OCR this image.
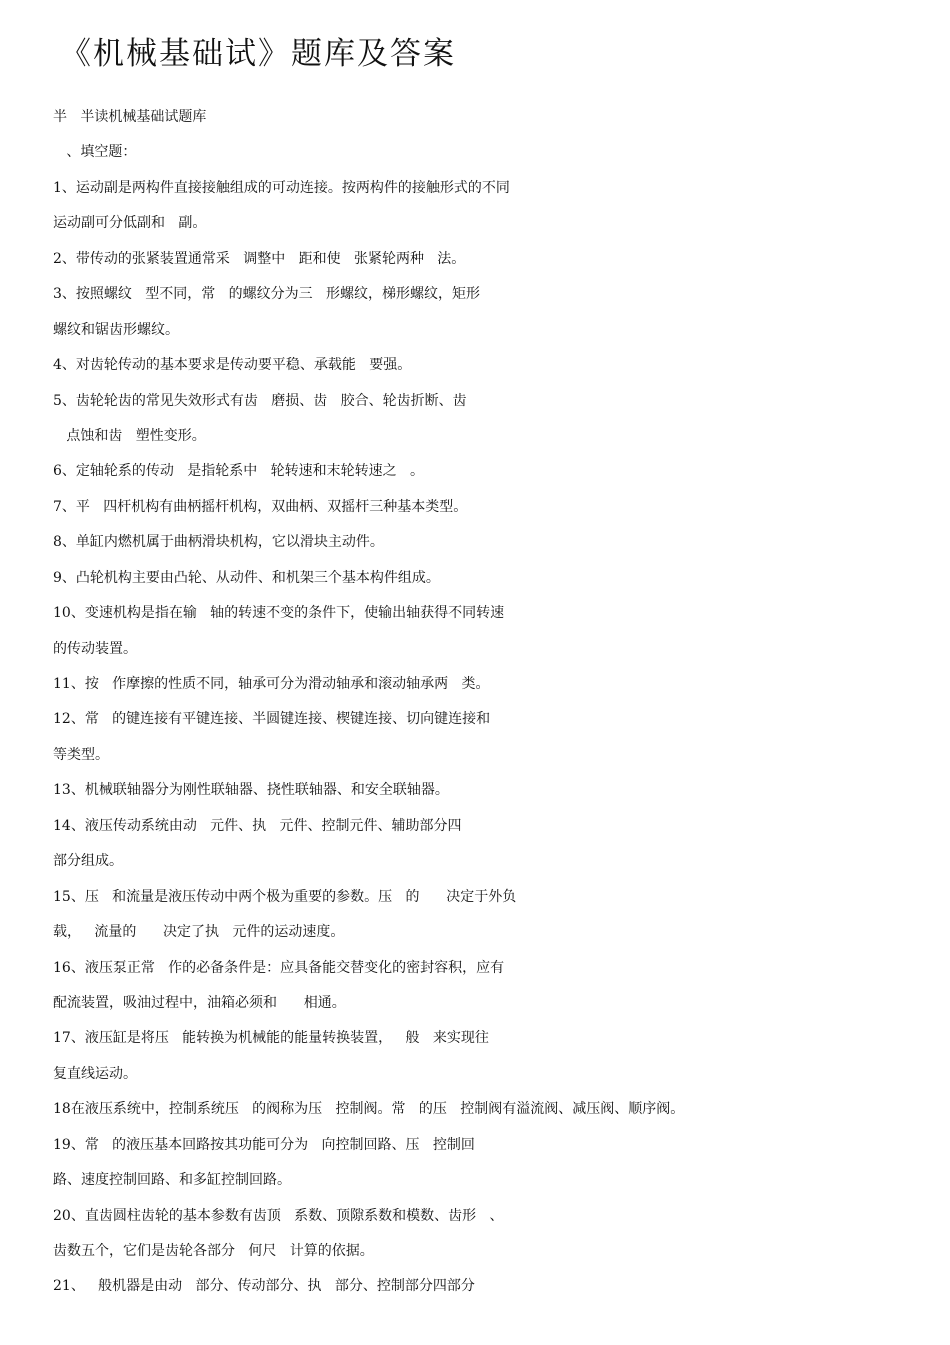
《机械基础试》题库及答案
半   半读机械基础试题库
、填空题：
1、运动副是两构件直接接触组成的可动连接。按两构件的接触形式的不同
运动副可分低副和   副。
2、带传动的张紧装置通常采   调整中   距和使   张紧轮两种   法。
3、按照螺纹   型不同，常   的螺纹分为三   形螺纹，梯形螺纹，矩形
螺纹和锯齿形螺纹。
4、对齿轮传动的基本要求是传动要平稳、承载能   要强。
5、齿轮轮齿的常见失效形式有齿   磨损、齿   胶合、轮齿折断、齿
点蚀和齿   塑性变形。
6、定轴轮系的传动   是指轮系中   轮转速和末轮转速之   。
7、平   四杆机构有曲柄摇杆机构，双曲柄、双摇杆三种基本类型。
8、单缸内燃机属于曲柄滑块机构，它以滑块主动件。
9、凸轮机构主要由凸轮、从动件、和机架三个基本构件组成。
10、变速机构是指在输   轴的转速不变的条件下，使输出轴获得不同转速
的传动装置。
11、按   作摩擦的性质不同，轴承可分为滑动轴承和滚动轴承两   类。
12、常   的键连接有平键连接、半圆键连接、楔键连接、切向键连接和
等类型。
13、机械联轴器分为刚性联轴器、挠性联轴器、和安全联轴器。
14、液压传动系统由动   元件、执   元件、控制元件、辅助部分四
部分组成。
15、压   和流量是液压传动中两个极为重要的参数。压   的      决定于外负
载，   流量的      决定了执   元件的运动速度。
16、液压泵正常   作的必备条件是：应具备能交替变化的密封容积，应有
配流装置，吸油过程中，油箱必须和      相通。
17、液压缸是将压   能转换为机械能的能量转换装置，   般   来实现往
复直线运动。
18在液压系统中，控制系统压   的阀称为压   控制阀。常   的压   控制阀有溢流阀、减压阀、顺序阀。
19、常   的液压基本回路按其功能可分为   向控制回路、压   控制回
路、速度控制回路、和多缸控制回路。
20、直齿圆柱齿轮的基本参数有齿顶   系数、顶隙系数和模数、齿形   、
齿数五个，它们是齿轮各部分   何尺   计算的依据。
21、   般机器是由动   部分、传动部分、执   部分、控制部分四部分
